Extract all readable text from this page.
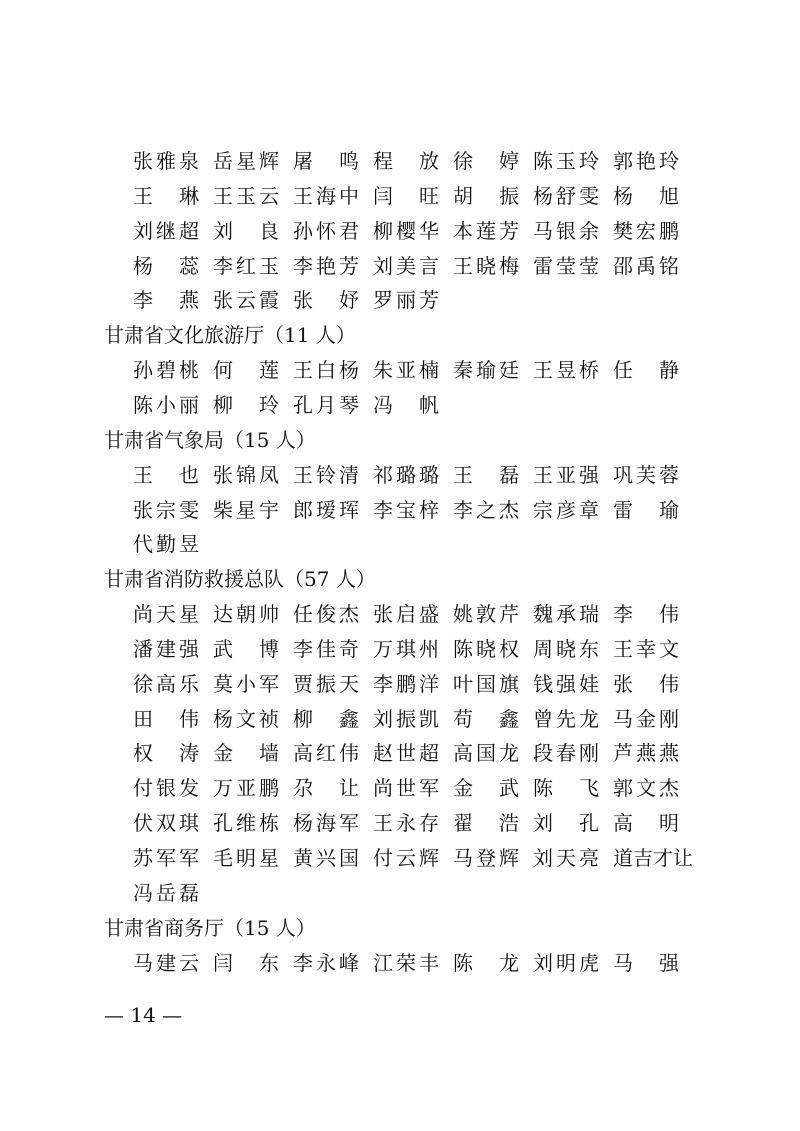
张雅泉 岳星辉 屠　鸣 程　放 徐　婷 陈玉玲 郭艳玲
王　琳 王玉云 王海中 闫　旺 胡　振 杨舒雯 杨　旭
刘继超 刘　良 孙怀君 柳樱华 本莲芳 马银余 樊宏鹏
杨　蕊 李红玉 李艳芳 刘美言 王晓梅 雷莹莹 邵禹铭
李　燕 张云霞 张　妤 罗丽芳
甘肃省文化旅游厅（11 人）
孙碧桃 何　莲 王白杨 朱亚楠 秦瑜廷 王昱桥 任　静
陈小丽 柳　玲 孔月琴 冯　帆
甘肃省气象局（15 人）
王　也 张锦凤 王铃清 祁璐璐 王　磊 王亚强 巩芙蓉
张宗雯 柴星宇 郎瑷珲 李宝梓 李之杰 宗彦章 雷　瑜
代勤昱
甘肃省消防救援总队（57 人）
尚天星 达朝帅 任俊杰 张启盛 姚敦芹 魏承瑞 李　伟
潘建强 武　博 李佳奇 万琪州 陈晓权 周晓东 王幸文
徐高乐 莫小军 贾振天 李鹏洋 叶国旗 钱强娃 张　伟
田　伟 杨文祯 柳　鑫 刘振凯 苟　鑫 曾先龙 马金刚
权　涛 金　墙 高红伟 赵世超 高国龙 段春刚 芦燕燕
付银发 万亚鹏 尕　让 尚世军 金　武 陈　飞 郭文杰
伏双琪 孔维栋 杨海军 王永存 翟　浩 刘　孔 高　明
苏军军 毛明星 黄兴国 付云辉 马登辉 刘天亮 道吉才让
冯岳磊
甘肃省商务厅（15 人）
马建云 闫　东 李永峰 江荣丰 陈　龙 刘明虎 马　强
— 14 —
